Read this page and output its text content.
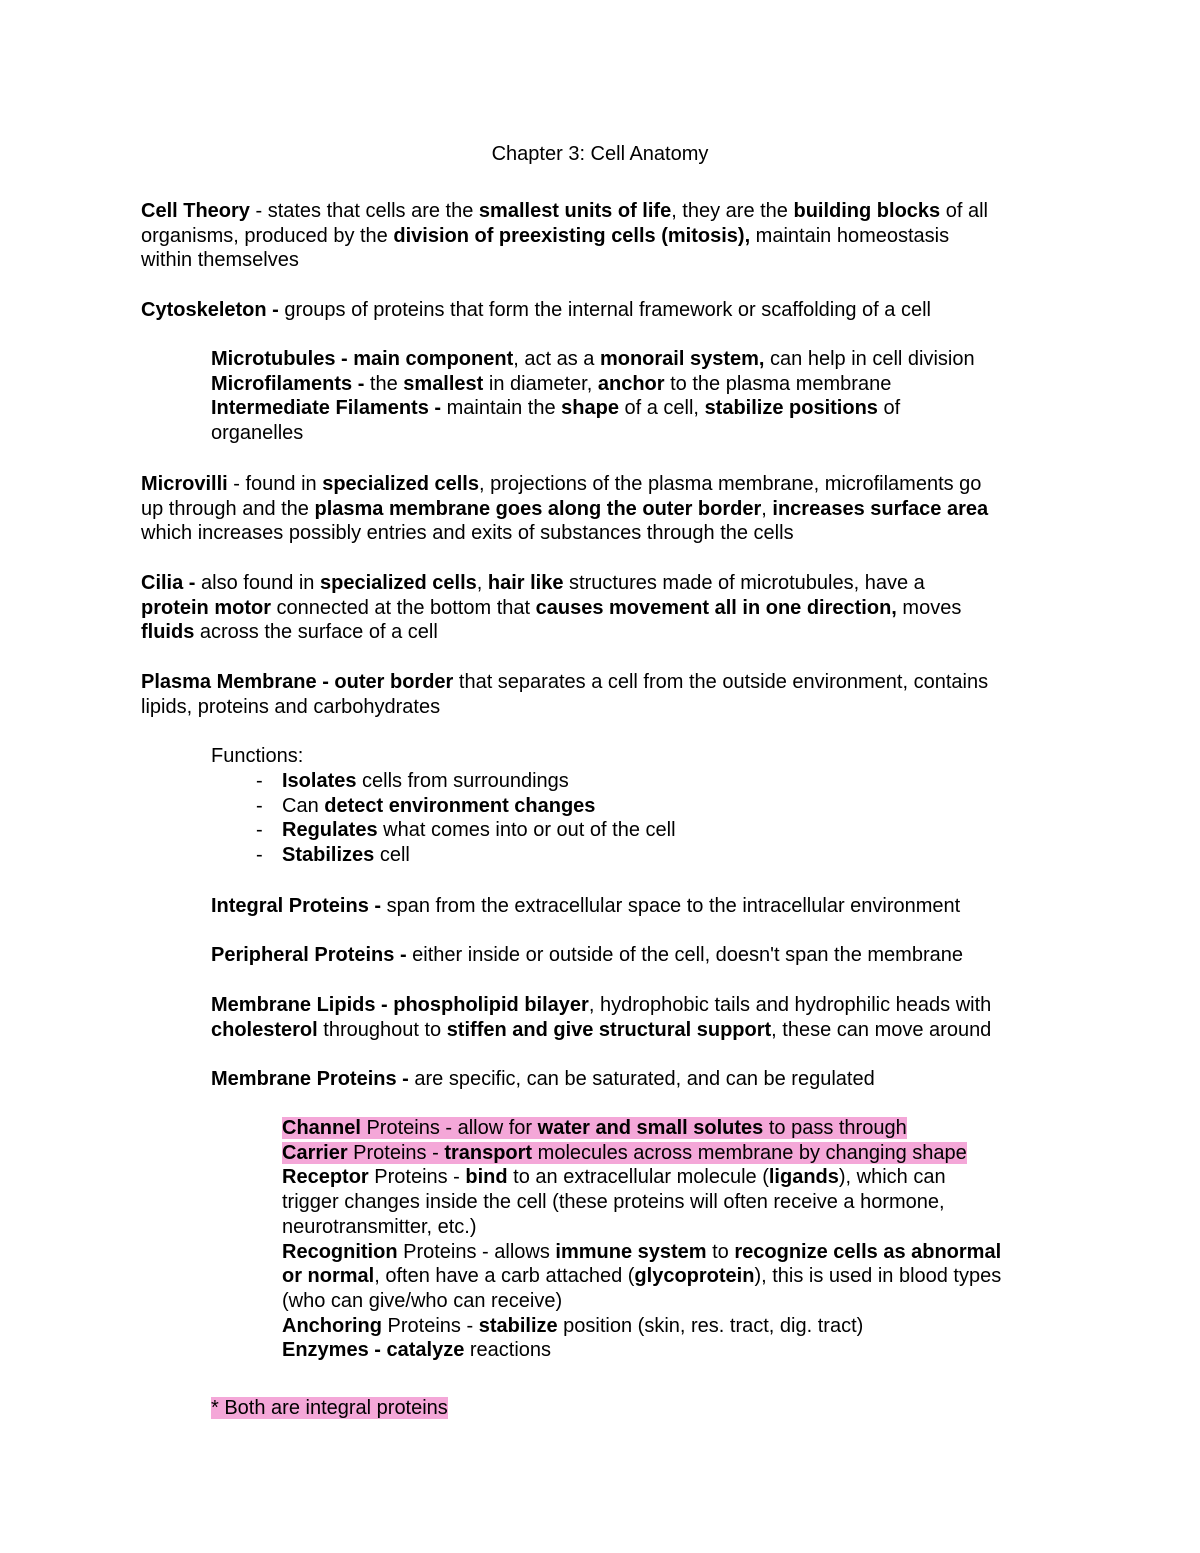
Chapter 3: Cell Anatomy
Cell Theory - states that cells are the smallest units of life, they are the building blocks of all
organisms, produced by the division of preexisting cells (mitosis), maintain homeostasis
within themselves
Cytoskeleton - groups of proteins that form the internal framework or scaffolding of a cell
Microtubules - main component, act as a monorail system, can help in cell division
Microfilaments - the smallest in diameter, anchor to the plasma membrane
Intermediate Filaments - maintain the shape of a cell, stabilize positions of
organelles
Microvilli - found in specialized cells, projections of the plasma membrane, microfilaments go
up through and the plasma membrane goes along the outer border, increases surface area
which increases possibly entries and exits of substances through the cells
Cilia - also found in specialized cells, hair like structures made of microtubules, have a
protein motor connected at the bottom that causes movement all in one direction, moves
fluids across the surface of a cell
Plasma Membrane - outer border that separates a cell from the outside environment, contains
lipids, proteins and carbohydrates
Functions:
- Isolates cells from surroundings
- Can detect environment changes
- Regulates what comes into or out of the cell
- Stabilizes cell
Integral Proteins - span from the extracellular space to the intracellular environment
Peripheral Proteins - either inside or outside of the cell, doesn't span the membrane
Membrane Lipids - phospholipid bilayer, hydrophobic tails and hydrophilic heads with
cholesterol throughout to stiffen and give structural support, these can move around
Membrane Proteins - are specific, can be saturated, and can be regulated
Channel Proteins - allow for water and small solutes to pass through
Carrier Proteins - transport molecules across membrane by changing shape
Receptor Proteins - bind to an extracellular molecule (ligands), which can
trigger changes inside the cell (these proteins will often receive a hormone,
neurotransmitter, etc.)
Recognition Proteins - allows immune system to recognize cells as abnormal
or normal, often have a carb attached (glycoprotein), this is used in blood types
(who can give/who can receive)
Anchoring Proteins - stabilize position (skin, res. tract, dig. tract)
Enzymes - catalyze reactions
* Both are integral proteins
